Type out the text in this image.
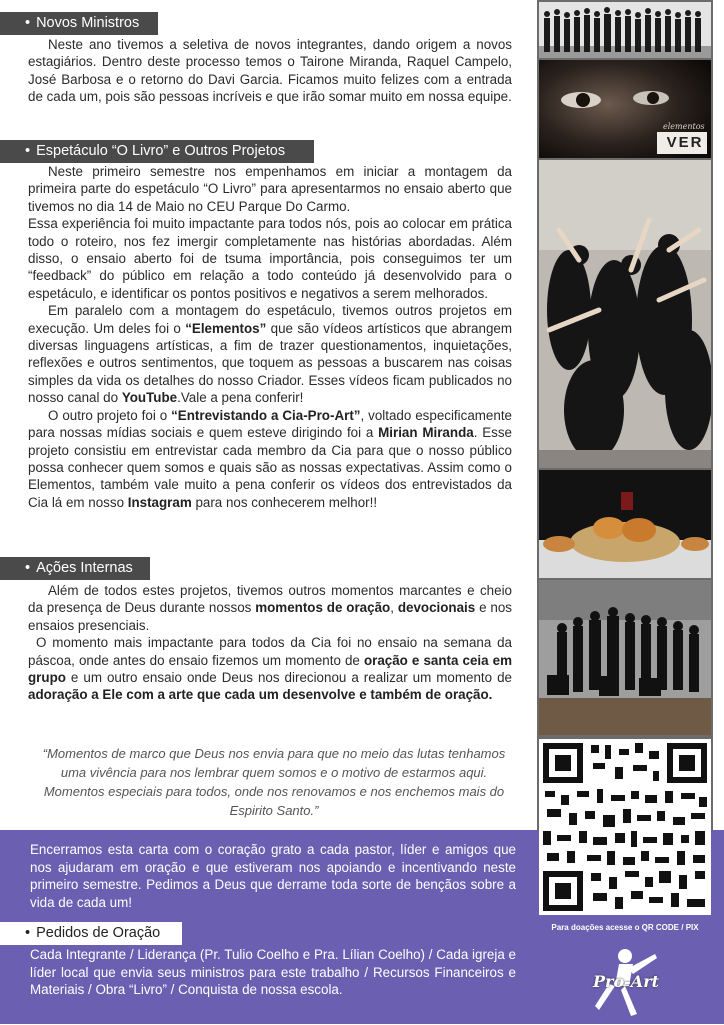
elementos
VER
• Novos Ministros

Neste ano tivemos a seletiva de novos integrantes, dando origem a novos estagiários. Dentro deste processo temos o Tairone Miranda, Raquel Campelo, José Barbosa e o retorno do Davi Garcia. Ficamos muito felizes com a entrada de cada um, pois são pessoas incríveis e que irão somar muito em nossa equipe.

• Espetáculo “O Livro” e Outros Projetos

Neste primeiro semestre nos empenhamos em iniciar a montagem da primeira parte do espetáculo “O Livro” para apresentarmos no ensaio aberto que tivemos no dia 14 de Maio no CEU Parque Do Carmo.

Essa experiência foi muito impactante para todos nós, pois ao colocar em prática todo o roteiro, nos fez imergir completamente nas histórias abordadas. Além disso, o ensaio aberto foi de tsuma importância, pois conseguimos ter um “feedback” do público em relação a todo conteúdo já desenvolvido para o espetáculo, e identificar os pontos positivos e negativos a serem melhorados.

Em paralelo com a montagem do espetáculo, tivemos outros projetos em execução. Um deles foi o “Elementos” que são vídeos artísticos que abrangem diversas linguagens artísticas, a fim de trazer questionamentos, inquietações, reflexões e outros sentimentos, que toquem as pessoas a buscarem nas coisas simples da vida os detalhes do nosso Criador. Esses vídeos ficam publicados no nosso canal do YouTube.Vale a pena conferir!

O outro projeto foi o “Entrevistando a Cia-Pro-Art”, voltado especificamente para nossas mídias sociais e quem esteve dirigindo foi a Mirian Miranda. Esse projeto consistiu em entrevistar cada membro da Cia para que o nosso público possa conhecer quem somos e quais são as nossas expectativas. Assim como o Elementos, também vale muito a pena conferir os vídeos dos entrevistados da Cia lá em nosso Instagram para nos conhecerem melhor!!

• Ações Internas

Além de todos estes projetos, tivemos outros momentos marcantes e cheio da presença de Deus durante nossos momentos de oração, devocionais e nos ensaios presenciais.

O momento mais impactante para todos da Cia foi no ensaio na semana da páscoa, onde antes do ensaio fizemos um momento de oração e santa ceia em grupo e um outro ensaio onde Deus nos direcionou a realizar um momento de adoração a Ele com a arte que cada um desenvolve e também de oração.

“Momentos de marco que Deus nos envia para que no meio das lutas tenhamos uma vivência para nos lembrar quem somos e o motivo de estarmos aqui. Momentos especiais para todos, onde nos renovamos e nos enchemos mais do Espirito Santo.”
Encerramos esta carta com o coração grato a cada pastor, líder e amigos que nos ajudaram em oração e que estiveram nos apoiando e incentivando neste primeiro semestre. Pedimos a Deus que derrame toda sorte de bençãos sobre a vida de cada um!
• Pedidos de Oração
Cada Integrante / Liderança (Pr. Tulio Coelho e Pra. Lílian Coelho) / Cada igreja e líder local que envia seus ministros para este trabalho / Recursos Financeiros e Materiais / Obra “Livro” / Conquista de nossa escola.
Para doações acesse o QR CODE / PIX
Pro-Art
